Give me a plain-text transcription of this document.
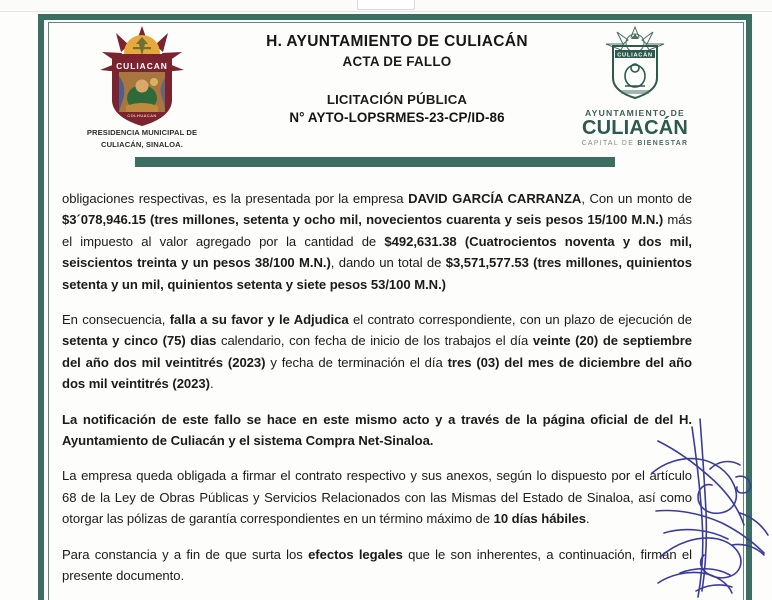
CULIACAN
COLHUACAN
PRESIDENCIA MUNICIPAL DE
CULIACÁN, SINALOA.
H. AYUNTAMIENTO DE CULIACÁN
ACTA DE FALLO
LICITACIÓN PÚBLICA
N° AYTO-LOPSRMES-23-CP/ID-86
CULIACÁN
AYUNTAMIENTO DE
CULIACÁN
CAPITAL DE BIENESTAR
obligaciones respectivas, es la presentada por la empresa DAVID GARCÍA CARRANZA, Con un monto de $3´078,946.15 (tres millones, setenta y ocho mil, novecientos cuarenta y seis pesos 15/100 M.N.) más el impuesto al valor agregado por la cantidad de $492,631.38 (Cuatrocientos noventa y dos mil, seiscientos treinta y un pesos 38/100 M.N.), dando un total de $3,571,577.53 (tres millones, quinientos setenta y un mil, quinientos setenta y siete pesos 53/100 M.N.)
En consecuencia, falla a su favor y le Adjudica el contrato correspondiente, con un plazo de ejecución de setenta y cinco (75) dias calendario, con fecha de inicio de los trabajos el día veinte (20) de septiembre del año dos mil veintitrés (2023) y fecha de terminación el día tres (03) del mes de diciembre del año dos mil veintitrés (2023).
La notificación de este fallo se hace en este mismo acto y a través de la página oficial de del H. Ayuntamiento de Culiacán y el sistema Compra Net-Sinaloa.
La empresa queda obligada a firmar el contrato respectivo y sus anexos, según lo dispuesto por el artículo 68 de la Ley de Obras Públicas y Servicios Relacionados con las Mismas del Estado de Sinaloa, así como otorgar las pólizas de garantía correspondientes en un término máximo de 10 días hábiles.
Para constancia y a fin de que surta los efectos legales que le son inherentes, a continuación, firman el presente documento.
